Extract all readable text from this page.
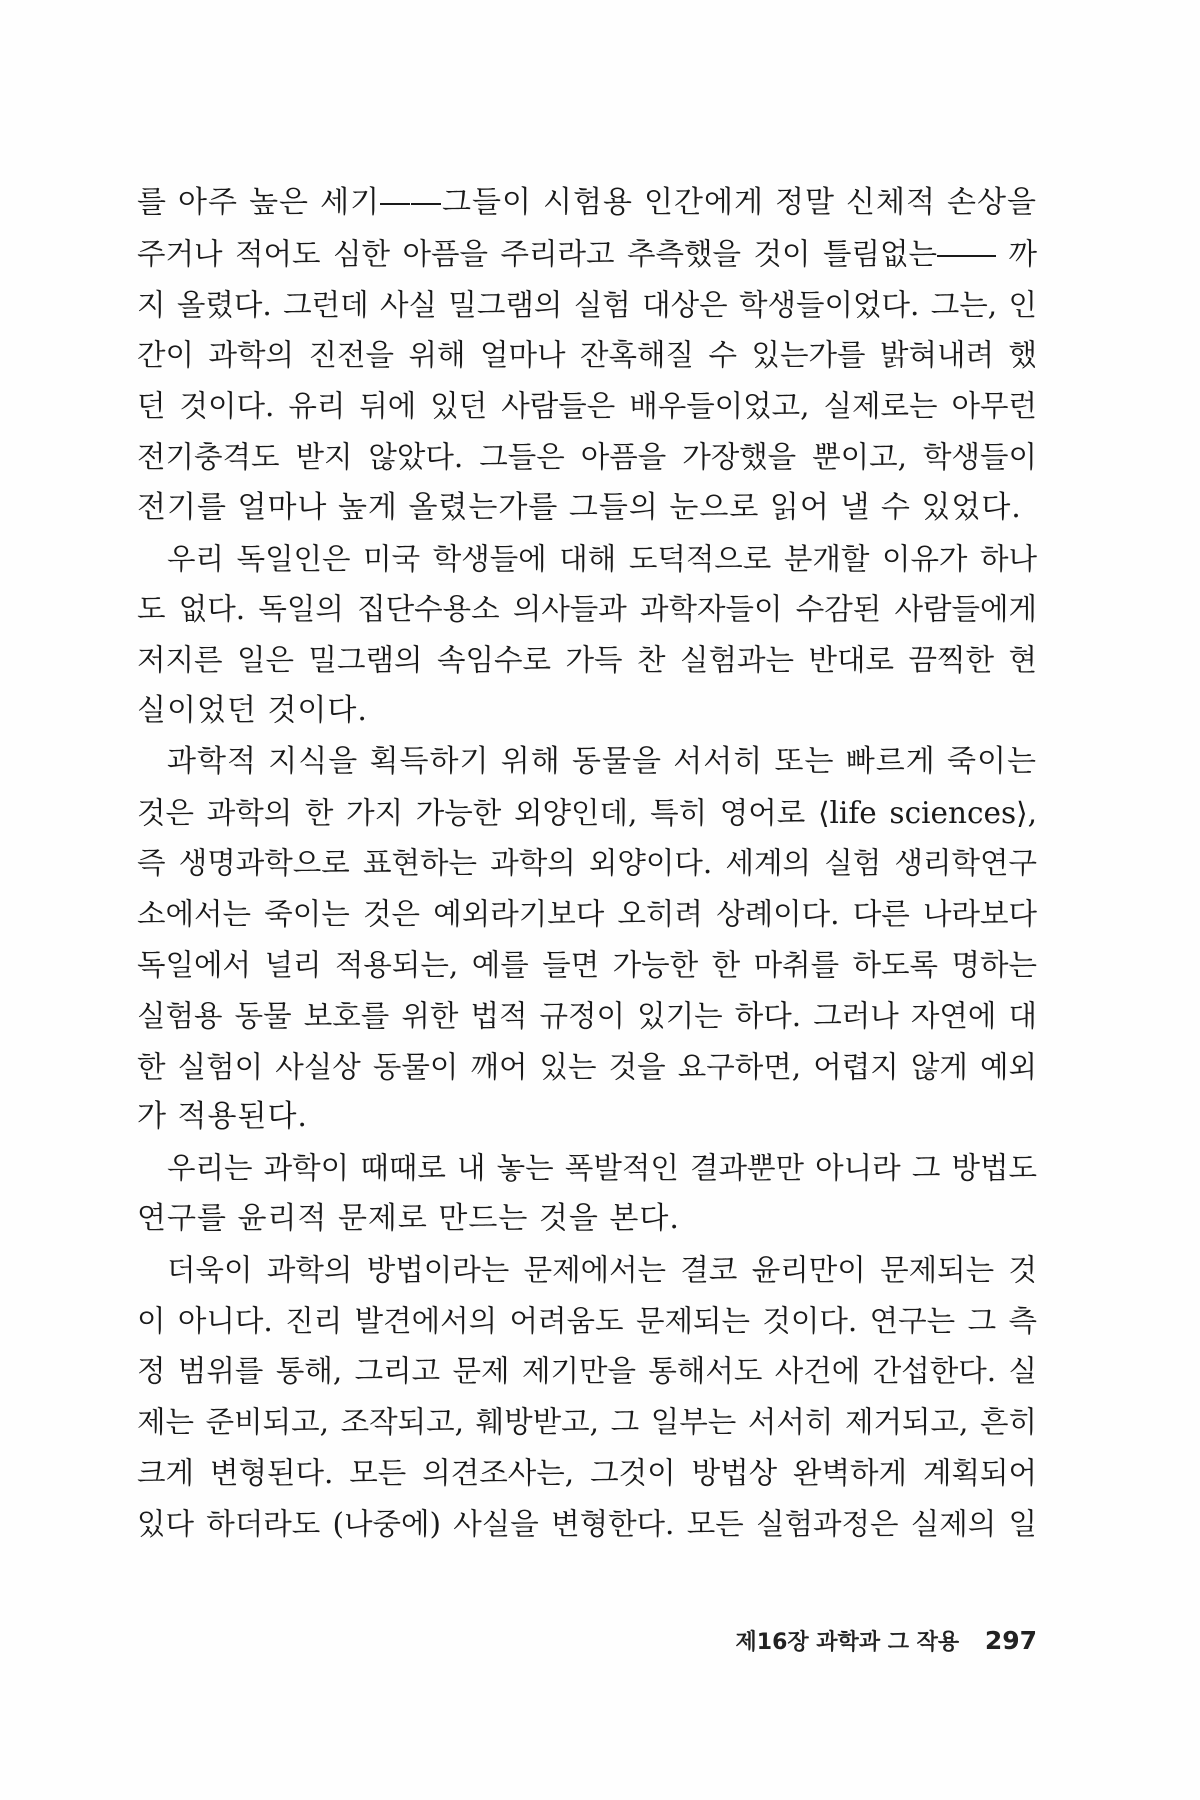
를 아주 높은 세기――그들이 시험용 인간에게 정말 신체적 손상을
주거나 적어도 심한 아픔을 주리라고 추측했을 것이 틀림없는―― 까
지 올렸다. 그런데 사실 밀그램의 실험 대상은 학생들이었다. 그는, 인
간이 과학의 진전을 위해 얼마나 잔혹해질 수 있는가를 밝혀내려 했
던 것이다. 유리 뒤에 있던 사람들은 배우들이었고, 실제로는 아무런
전기충격도 받지 않았다. 그들은 아픔을 가장했을 뿐이고, 학생들이
전기를 얼마나 높게 올렸는가를 그들의 눈으로 읽어 낼 수 있었다.
우리 독일인은 미국 학생들에 대해 도덕적으로 분개할 이유가 하나
도 없다. 독일의 집단수용소 의사들과 과학자들이 수감된 사람들에게
저지른 일은 밀그램의 속임수로 가득 찬 실험과는 반대로 끔찍한 현
실이었던 것이다.
과학적 지식을 획득하기 위해 동물을 서서히 또는 빠르게 죽이는
것은 과학의 한 가지 가능한 외양인데, 특히 영어로 ⟨life sciences⟩,
즉 생명과학으로 표현하는 과학의 외양이다. 세계의 실험 생리학연구
소에서는 죽이는 것은 예외라기보다 오히려 상례이다. 다른 나라보다
독일에서 널리 적용되는, 예를 들면 가능한 한 마취를 하도록 명하는
실험용 동물 보호를 위한 법적 규정이 있기는 하다. 그러나 자연에 대
한 실험이 사실상 동물이 깨어 있는 것을 요구하면, 어렵지 않게 예외
가 적용된다.
우리는 과학이 때때로 내 놓는 폭발적인 결과뿐만 아니라 그 방법도
연구를 윤리적 문제로 만드는 것을 본다.
더욱이 과학의 방법이라는 문제에서는 결코 윤리만이 문제되는 것
이 아니다. 진리 발견에서의 어려움도 문제되는 것이다. 연구는 그 측
정 범위를 통해, 그리고 문제 제기만을 통해서도 사건에 간섭한다. 실
제는 준비되고, 조작되고, 훼방받고, 그 일부는 서서히 제거되고, 흔히
크게 변형된다. 모든 의견조사는, 그것이 방법상 완벽하게 계획되어
있다 하더라도 (나중에) 사실을 변형한다. 모든 실험과정은 실제의 일
제16장 과학과 그 작용 297
